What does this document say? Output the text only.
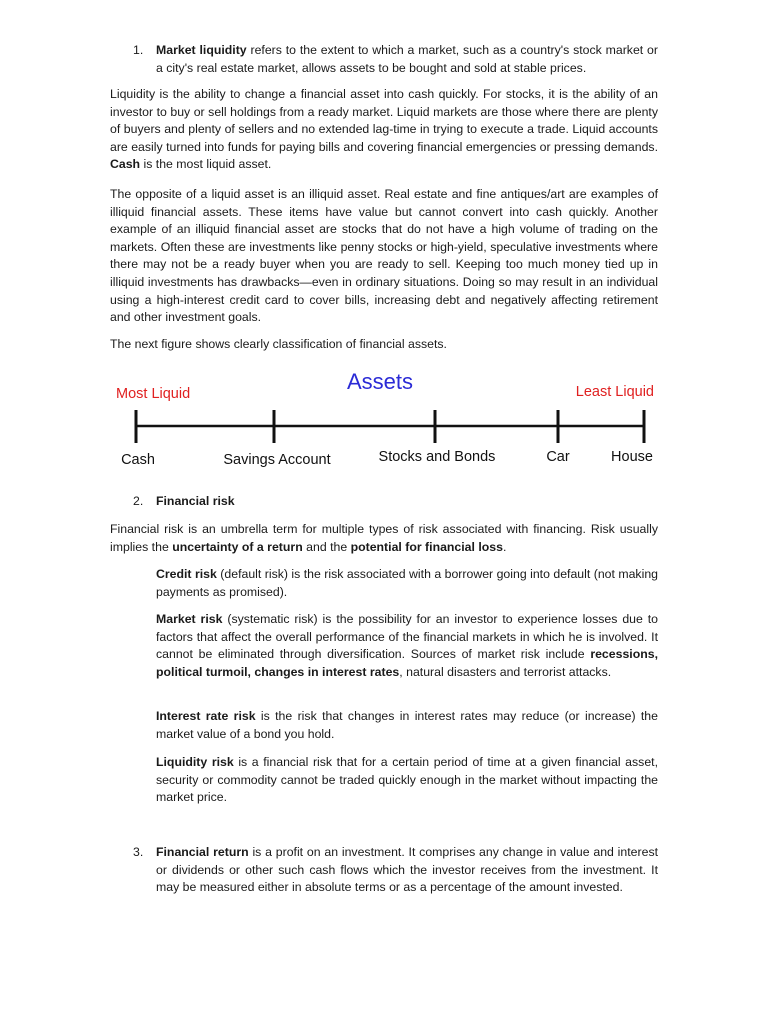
1. Market liquidity refers to the extent to which a market, such as a country's stock market or a city's real estate market, allows assets to be bought and sold at stable prices.

Liquidity is the ability to change a financial asset into cash quickly. For stocks, it is the ability of an investor to buy or sell holdings from a ready market. Liquid markets are those where there are plenty of buyers and plenty of sellers and no extended lag-time in trying to execute a trade. Liquid accounts are easily turned into funds for paying bills and covering financial emergencies or pressing demands. Cash is the most liquid asset.

The opposite of a liquid asset is an illiquid asset. Real estate and fine antiques/art are examples of illiquid financial assets. These items have value but cannot convert into cash quickly. Another example of an illiquid financial asset are stocks that do not have a high volume of trading on the markets. Often these are investments like penny stocks or high-yield, speculative investments where there may not be a ready buyer when you are ready to sell. Keeping too much money tied up in illiquid investments has drawbacks—even in ordinary situations. Doing so may result in an individual using a high-interest credit card to cover bills, increasing debt and negatively affecting retirement and other investment goals.

The next figure shows clearly classification of financial assets.

Assets
Most Liquid	Least Liquid
Cash	Savings Account	Stocks and Bonds	Car	House

2. Financial risk

Financial risk is an umbrella term for multiple types of risk associated with financing. Risk usually implies the uncertainty of a return and the potential for financial loss.

Credit risk (default risk) is the risk associated with a borrower going into default (not making payments as promised).

Market risk (systematic risk) is the possibility for an investor to experience losses due to factors that affect the overall performance of the financial markets in which he is involved. It cannot be eliminated through diversification. Sources of market risk include recessions, political turmoil, changes in interest rates, natural disasters and terrorist attacks.

Interest rate risk is the risk that changes in interest rates may reduce (or increase) the market value of a bond you hold.

Liquidity risk is a financial risk that for a certain period of time at a given financial asset, security or commodity cannot be traded quickly enough in the market without impacting the market price.

3. Financial return is a profit on an investment. It comprises any change in value and interest or dividends or other such cash flows which the investor receives from the investment. It may be measured either in absolute terms or as a percentage of the amount invested.
